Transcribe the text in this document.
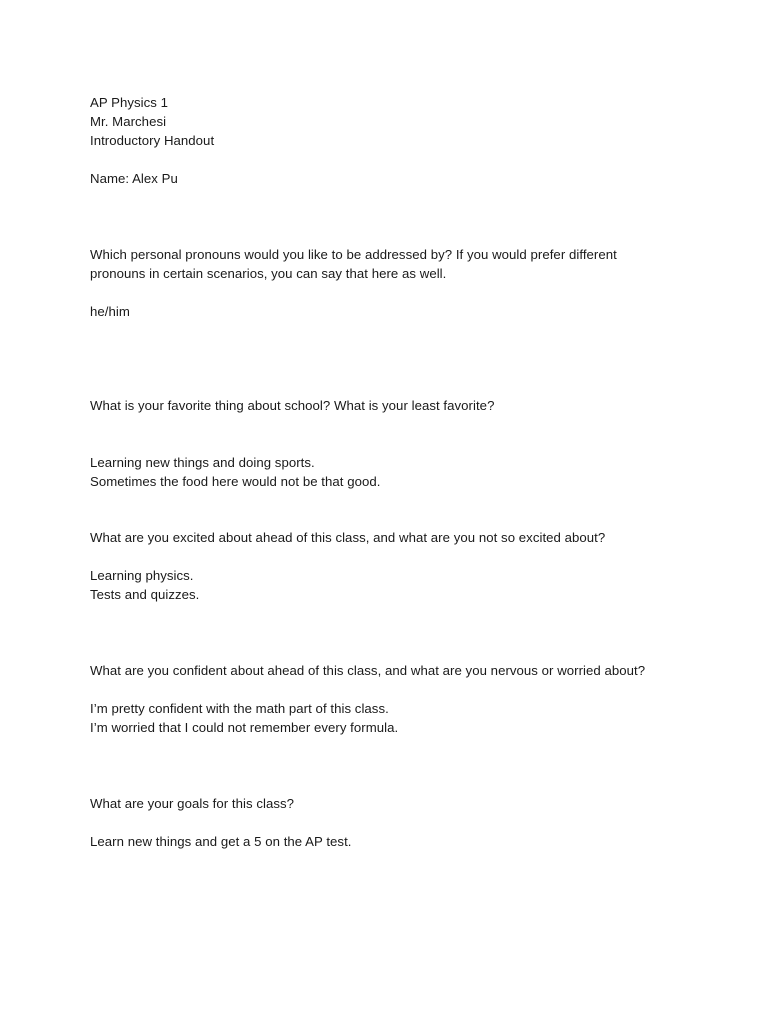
AP Physics 1
Mr. Marchesi
Introductory Handout
Name: Alex Pu
Which personal pronouns would you like to be addressed by? If you would prefer different
pronouns in certain scenarios, you can say that here as well.
he/him
What is your favorite thing about school? What is your least favorite?
Learning new things and doing sports.
Sometimes the food here would not be that good.
What are you excited about ahead of this class, and what are you not so excited about?
Learning physics.
Tests and quizzes.
What are you confident about ahead of this class, and what are you nervous or worried about?
I’m pretty confident with the math part of this class.
I’m worried that I could not remember every formula.
What are your goals for this class?
Learn new things and get a 5 on the AP test.
